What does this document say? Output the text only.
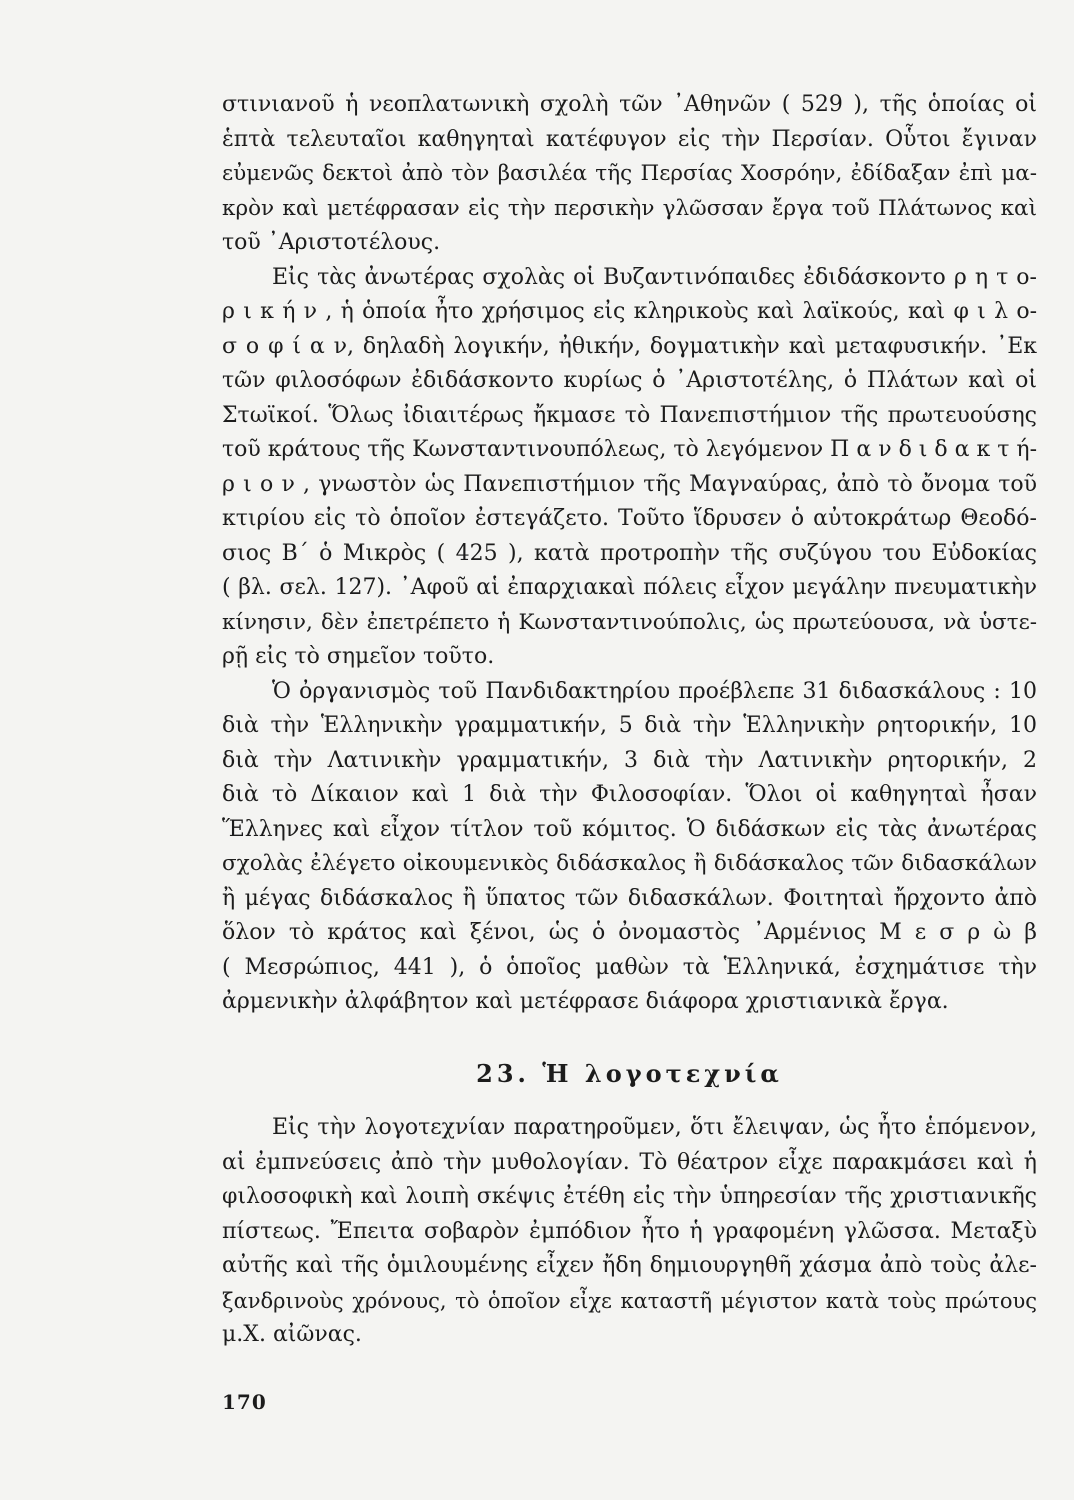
στινιανοῦ ἡ νεοπλατωνικὴ σχολὴ τῶν ᾿Αθηνῶν ( 529 ), τῆς ὁποίας οἱ
ἑπτὰ τελευταῖοι καθηγηταὶ κατέφυγον εἰς τὴν Περσίαν. Οὗτοι ἔγιναν
εὐμενῶς δεκτοὶ ἀπὸ τὸν βασιλέα τῆς Περσίας Χοσρόην, ἐδίδαξαν ἐπὶ μα-
κρὸν καὶ μετέφρασαν εἰς τὴν περσικὴν γλῶσσαν ἔργα τοῦ Πλάτωνος καὶ
τοῦ ᾿Αριστοτέλους.
Εἰς τὰς ἀνωτέρας σχολὰς οἱ Βυζαντινόπαιδες ἐδιδάσκοντο ρ η τ ο-
ρ ι κ ή ν , ἡ ὁποία ἦτο χρήσιμος εἰς κληρικοὺς καὶ λαϊκούς, καὶ φ ι λ ο-
σ ο φ ί α ν, δηλαδὴ λογικήν, ἠθικήν, δογματικὴν καὶ μεταφυσικήν. ᾿Εκ
τῶν φιλοσόφων ἐδιδάσκοντο κυρίως ὁ ᾿Αριστοτέλης, ὁ Πλάτων καὶ οἱ
Στωϊκοί. Ὅλως ἰδιαιτέρως ἤκμασε τὸ Πανεπιστήμιον τῆς πρωτευούσης
τοῦ κράτους τῆς Κωνσταντινουπόλεως, τὸ λεγόμενον Π α ν δ ι δ α κ τ ή-
ρ ι ο ν , γνωστὸν ὡς Πανεπιστήμιον τῆς Μαγναύρας, ἀπὸ τὸ ὄνομα τοῦ
κτιρίου εἰς τὸ ὁποῖον ἐστεγάζετο. Τοῦτο ἵδρυσεν ὁ αὐτοκράτωρ Θεοδό-
σιος Β΄ ὁ Μικρὸς ( 425 ), κατὰ προτροπὴν τῆς συζύγου του Εὐδοκίας
( βλ. σελ. 127). ᾿Αφοῦ αἱ ἐπαρχιακαὶ πόλεις εἶχον μεγάλην πνευματικὴν
κίνησιν, δὲν ἐπετρέπετο ἡ Κωνσταντινούπολις, ὡς πρωτεύουσα, νὰ ὑστε-
ρῇ εἰς τὸ σημεῖον τοῦτο.
Ὁ ὀργανισμὸς τοῦ Πανδιδακτηρίου προέβλεπε 31 διδασκάλους : 10
διὰ τὴν Ἑλληνικὴν γραμματικήν, 5 διὰ τὴν Ἑλληνικὴν ρητορικήν, 10
διὰ τὴν Λατινικὴν γραμματικήν, 3 διὰ τὴν Λατινικὴν ρητορικήν, 2
διὰ τὸ Δίκαιον καὶ 1 διὰ τὴν Φιλοσοφίαν. Ὅλοι οἱ καθηγηταὶ ἦσαν
Ἕλληνες καὶ εἶχον τίτλον τοῦ κόμιτος. Ὁ διδάσκων εἰς τὰς ἀνωτέρας
σχολὰς ἐλέγετο οἰκουμενικὸς διδάσκαλος ἢ διδάσκαλος τῶν διδασκάλων
ἢ μέγας διδάσκαλος ἢ ὕπατος τῶν διδασκάλων. Φοιτηταὶ ἤρχοντο ἀπὸ
ὅλον τὸ κράτος καὶ ξένοι, ὡς ὁ ὀνομαστὸς ᾿Αρμένιος Μ ε σ ρ ὼ β
( Μεσρώπιος, 441 ), ὁ ὁποῖος μαθὼν τὰ Ἑλληνικά, ἐσχημάτισε τὴν
ἀρμενικὴν ἀλφάβητον καὶ μετέφρασε διάφορα χριστιανικὰ ἔργα.
23. Ἡ λογοτεχνία
Εἰς τὴν λογοτεχνίαν παρατηροῦμεν, ὅτι ἔλειψαν, ὡς ἦτο ἑπόμενον,
αἱ ἐμπνεύσεις ἀπὸ τὴν μυθολογίαν. Τὸ θέατρον εἶχε παρακμάσει καὶ ἡ
φιλοσοφικὴ καὶ λοιπὴ σκέψις ἐτέθη εἰς τὴν ὑπηρεσίαν τῆς χριστιανικῆς
πίστεως. Ἔπειτα σοβαρὸν ἐμπόδιον ἦτο ἡ γραφομένη γλῶσσα. Μεταξὺ
αὐτῆς καὶ τῆς ὁμιλουμένης εἶχεν ἤδη δημιουργηθῆ χάσμα ἀπὸ τοὺς ἀλε-
ξανδρινοὺς χρόνους, τὸ ὁποῖον εἶχε καταστῆ μέγιστον κατὰ τοὺς πρώτους
μ.Χ. αἰῶνας.
170
